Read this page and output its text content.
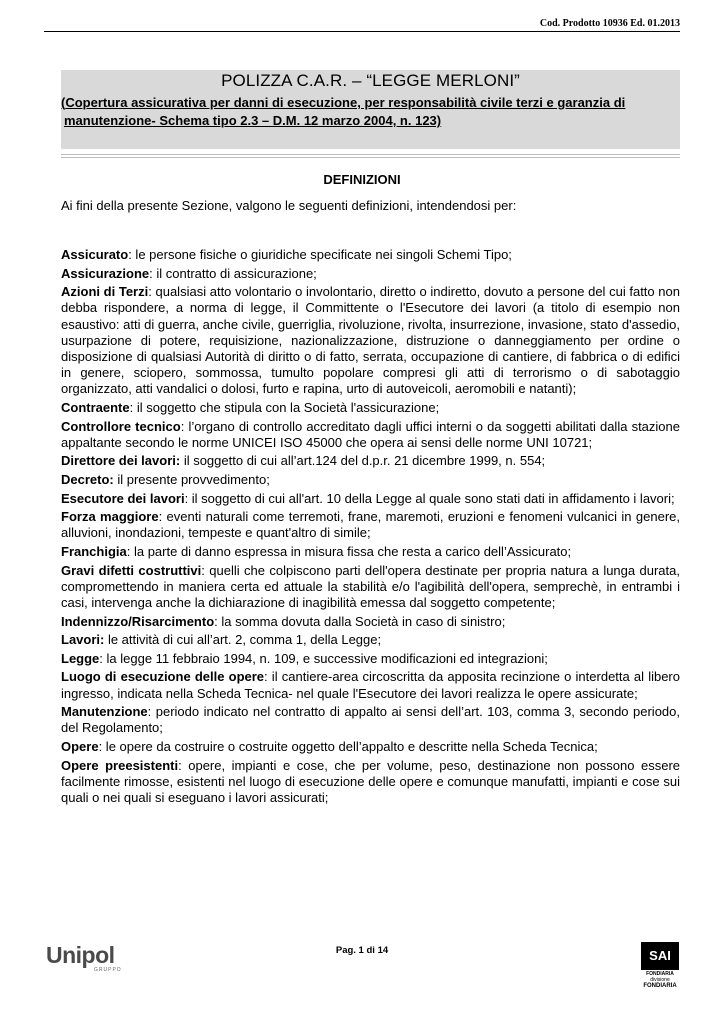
Cod. Prodotto 10936 Ed. 01.2013
POLIZZA C.A.R. – “LEGGE MERLONI”
(Copertura assicurativa per danni di esecuzione, per responsabilità civile terzi e garanzia di
manutenzione- Schema tipo 2.3 – D.M. 12 marzo 2004, n. 123)
DEFINIZIONI
Ai fini della presente Sezione, valgono le seguenti definizioni, intendendosi per:

Assicurato: le persone fisiche o giuridiche specificate nei singoli Schemi Tipo;

Assicurazione: il contratto di assicurazione;

Azioni di Terzi: qualsiasi atto volontario o involontario, diretto o indiretto, dovuto a persone del cui fatto non debba rispondere, a norma di legge, il Committente o l'Esecutore dei lavori (a titolo di esempio non esaustivo: atti di guerra, anche civile, guerriglia, rivoluzione, rivolta, insurrezione, invasione, stato d'assedio, usurpazione di potere, requisizione, nazionalizzazione, distruzione o danneggiamento per ordine o disposizione di qualsiasi Autorità di diritto o di fatto, serrata, occupazione di cantiere, di fabbrica o di edifici in genere, sciopero, sommossa, tumulto popolare compresi gli atti di terrorismo o di sabotaggio organizzato, atti vandalici o dolosi, furto e rapina, urto di autoveicoli, aeromobili e natanti);

Contraente: il soggetto che stipula con la Società l'assicurazione;

Controllore tecnico: l’organo di controllo accreditato dagli uffici interni o da soggetti abilitati dalla stazione appaltante secondo le norme UNICEI ISO 45000 che opera ai sensi delle norme UNI 10721;

Direttore dei lavori: il soggetto di cui all’art.124 del d.p.r. 21 dicembre 1999, n. 554;

Decreto: il presente provvedimento;

Esecutore dei lavori: il soggetto di cui all'art. 10 della Legge al quale sono stati dati in affidamento i lavori;

Forza maggiore: eventi naturali come terremoti, frane, maremoti, eruzioni e fenomeni vulcanici in genere, alluvioni, inondazioni, tempeste e quant'altro di simile;

Franchigia: la parte di danno espressa in misura fissa che resta a carico dell’Assicurato;

Gravi difetti costruttivi: quelli che colpiscono parti dell'opera destinate per propria natura a lunga durata, compromettendo in maniera certa ed attuale la stabilità e/o l'agibilità dell'opera, semprechè, in entrambi i casi, intervenga anche la dichiarazione di inagibilità emessa dal soggetto competente;

Indennizzo/Risarcimento: la somma dovuta dalla Società in caso di sinistro;

Lavori: le attività di cui all’art. 2, comma 1, della Legge;

Legge: la legge 11 febbraio 1994, n. 109, e successive modificazioni ed integrazioni;

Luogo di esecuzione delle opere: il cantiere-area circoscritta da apposita recinzione o interdetta al libero ingresso, indicata nella Scheda Tecnica- nel quale l'Esecutore dei lavori realizza le opere assicurate;

Manutenzione: periodo indicato nel contratto di appalto ai sensi dell’art. 103, comma 3, secondo periodo, del Regolamento;

Opere: le opere da costruire o costruite oggetto dell’appalto e descritte nella Scheda Tecnica;

Opere preesistenti: opere, impianti e cose, che per volume, peso, destinazione non possono essere facilmente rimosse, esistenti nel luogo di esecuzione delle opere e comunque manufatti, impianti e cose sui quali o nei quali si eseguano i lavori assicurati;

Unipol
GRUPPO
Pag. 1 di 14	SAI
FONDIARIA
divisione
FONDIARIA
